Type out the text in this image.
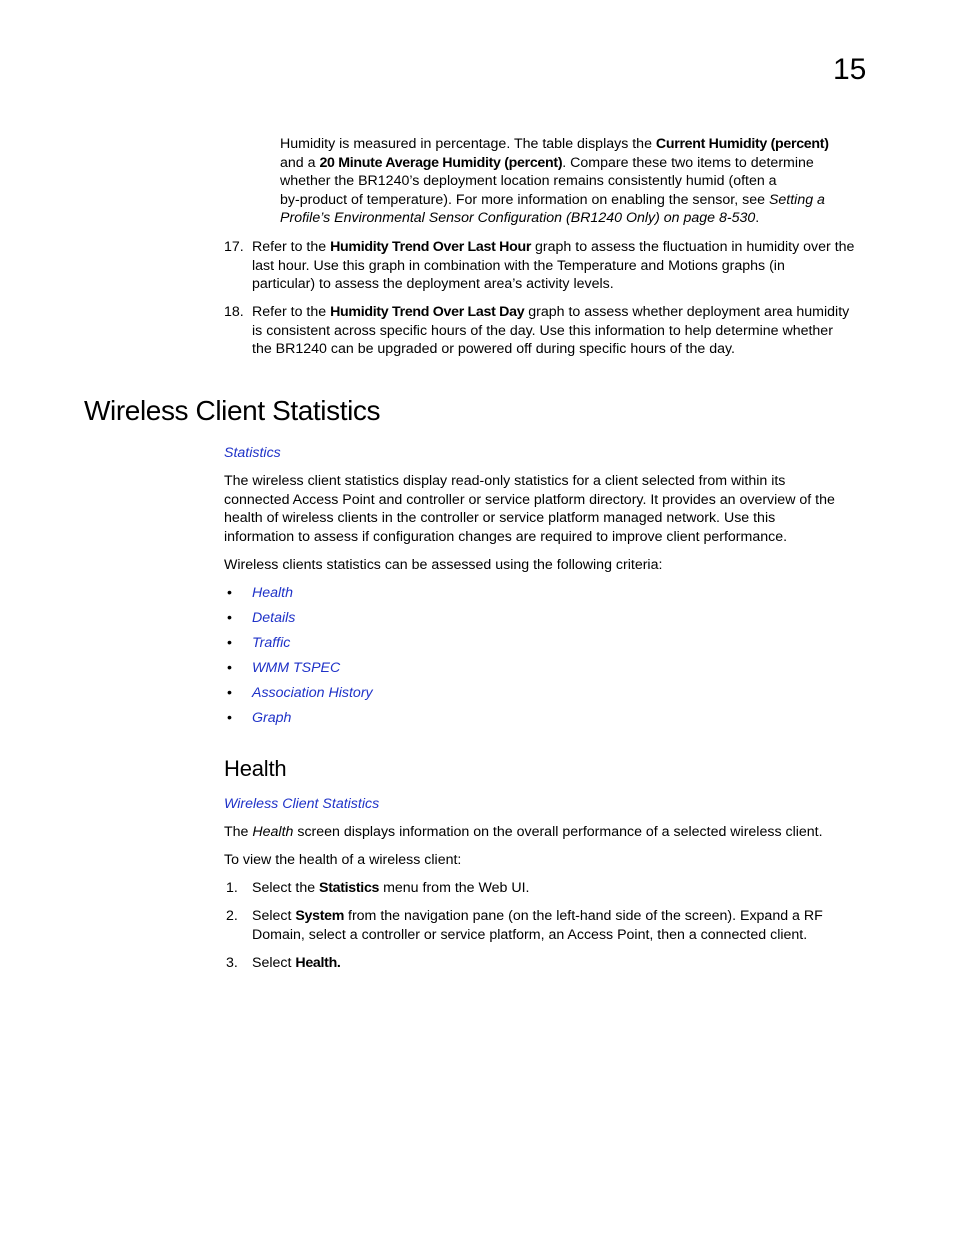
15

Humidity is measured in percentage. The table displays the Current Humidity (percent)

and a 20 Minute Average Humidity (percent). Compare these two items to determine

whether the BR1240’s deployment location remains consistently humid (often a

by-product of temperature). For more information on enabling the sensor, see Setting a

Profile’s Environmental Sensor Configuration (BR1240 Only) on page 8-530.

17. Refer to the Humidity Trend Over Last Hour graph to assess the fluctuation in humidity over the

last hour. Use this graph in combination with the Temperature and Motions graphs (in

particular) to assess the deployment area’s activity levels.

18. Refer to the Humidity Trend Over Last Day graph to assess whether deployment area humidity

is consistent across specific hours of the day. Use this information to help determine whether

the BR1240 can be upgraded or powered off during specific hours of the day.

Wireless Client Statistics
Statistics

The wireless client statistics display read-only statistics for a client selected from within its

connected Access Point and controller or service platform directory. It provides an overview of the

health of wireless clients in the controller or service platform managed network. Use this

information to assess if configuration changes are required to improve client performance.

Wireless clients statistics can be assessed using the following criteria:
• Health
• Details
• Traffic
• WMM TSPEC
• Association History
• Graph
Health
Wireless Client Statistics
The Health screen displays information on the overall performance of a selected wireless client.
To view the health of a wireless client:
1. Select the Statistics menu from the Web UI.

2. Select System from the navigation pane (on the left-hand side of the screen). Expand a RF

Domain, select a controller or service platform, an Access Point, then a connected client.

3. Select Health.
